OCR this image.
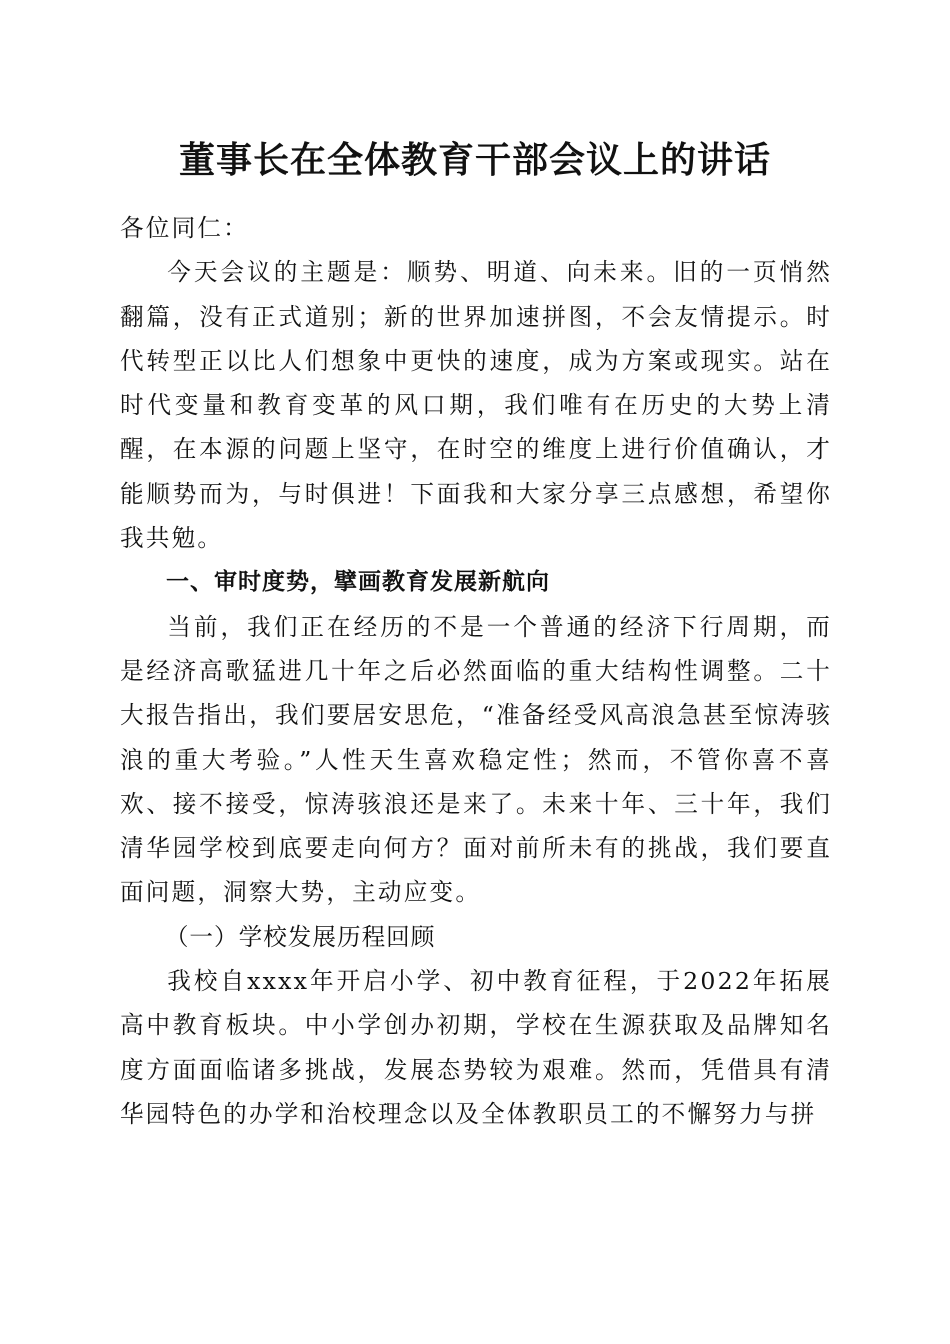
董事长在全体教育干部会议上的讲话

各位同仁：

今天会议的主题是：顺势、明道、向未来。旧的一页悄然翻篇，没有正式道别；新的世界加速拼图，不会友情提示。时代转型正以比人们想象中更快的速度，成为方案或现实。站在时代变量和教育变革的风口期，我们唯有在历史的大势上清醒，在本源的问题上坚守，在时空的维度上进行价值确认，才能顺势而为，与时俱进！下面我和大家分享三点感想，希望你我共勉。

一、审时度势，擘画教育发展新航向

当前，我们正在经历的不是一个普通的经济下行周期，而是经济高歌猛进几十年之后必然面临的重大结构性调整。二十大报告指出，我们要居安思危，“准备经受风高浪急甚至惊涛骇浪的重大考验。”人性天生喜欢稳定性；然而，不管你喜不喜欢、接不接受，惊涛骇浪还是来了。未来十年、三十年，我们清华园学校到底要走向何方？面对前所未有的挑战，我们要直面问题，洞察大势，主动应变。

（一）学校发展历程回顾

我校自xxxx年开启小学、初中教育征程，于2022年拓展高中教育板块。中小学创办初期，学校在生源获取及品牌知名度方面面临诸多挑战，发展态势较为艰难。然而，凭借具有清华园特色的办学和治校理念以及全体教职员工的不懈努力与拼
